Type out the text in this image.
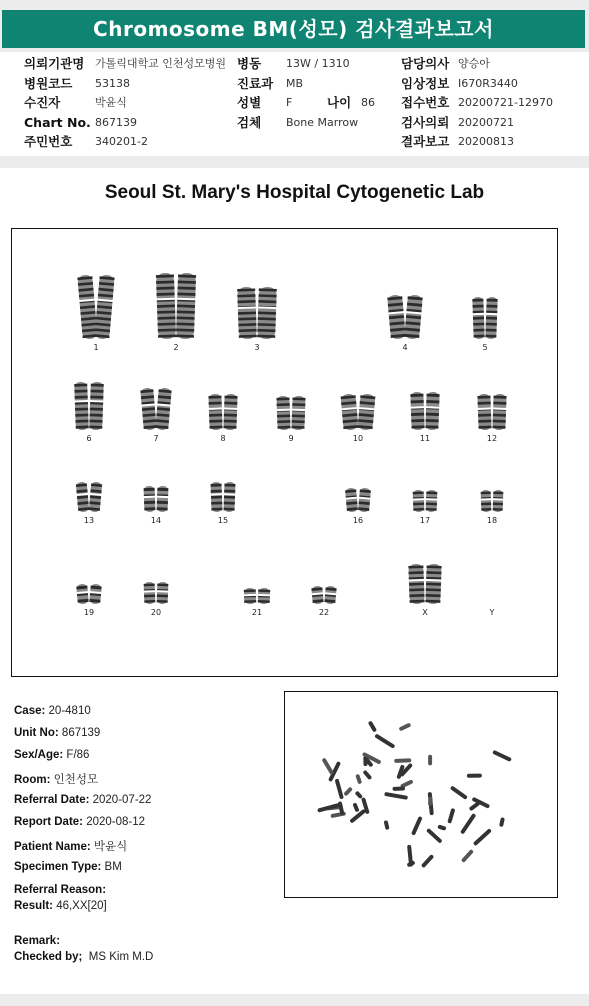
Chromosome BM(성모) 검사결과보고서
의뢰기관명 가톨릭대학교 인천성모병원 병동 13W / 1310	담당의사 양승아
병원코드 53138	진료과 MB	임상정보 I670R3440
수진자	박윤식	성별 F	나이 86 접수번호 20200721-12970
Chart No. 867139	검체 Bone Marrow	검사의뢰 20200721
주민번호 340201-2	결과보고 20200813
Seoul St. Mary's Hospital Cytogenetic Lab
1	2	3	4	5
6	7	8	9	10	11	12
13	14	15	16	17	18
19	20	21	22	X	Y
Case: 20-4810
Unit No: 867139
Sex/Age: F/86
Room: 인천성모
Referral Date: 2020-07-22
Report Date: 2020-08-12
Patient Name: 박윤식
Specimen Type: BM
Referral Reason:
Result: 46,XX[20]
Remark:
Checked by; MS Kim M.D
